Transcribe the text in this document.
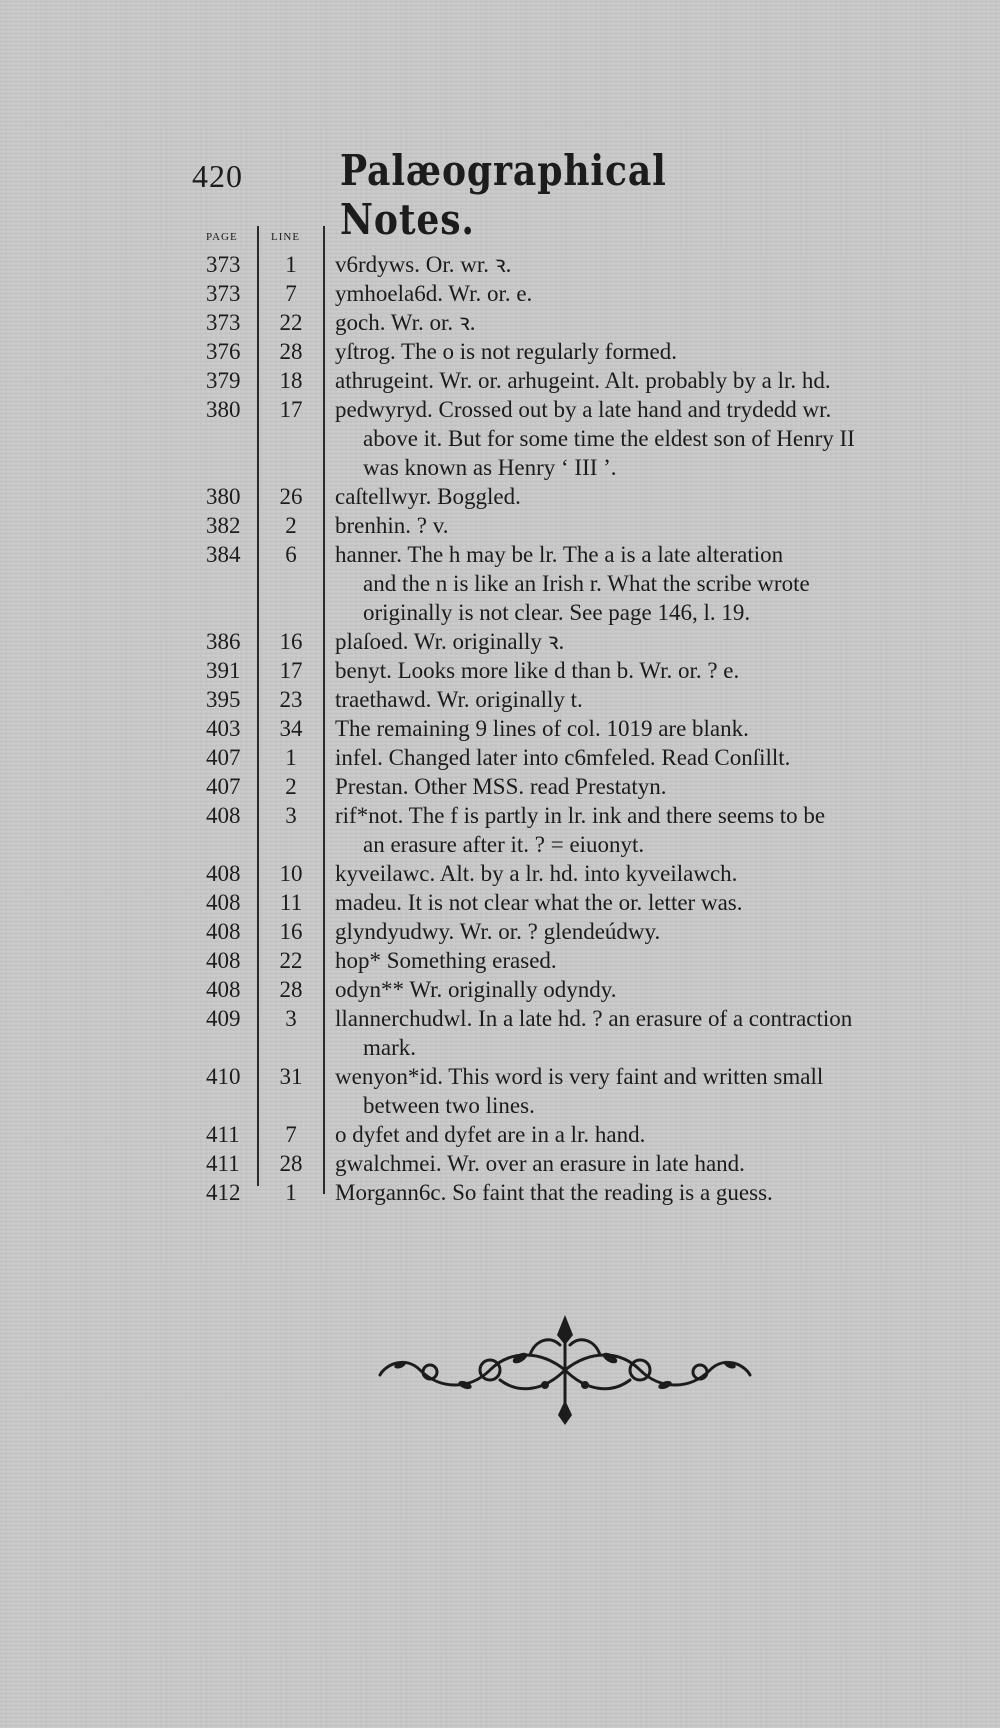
420 Palæographical Notes.
PAGE	LINE
373	1	v6rdyws. Or. wr. ꝛ.
373	7	ymhoela6d. Wr. or. e.
373	22	goch. Wr. or. ꝛ.
376	28	yſtrog. The o is not regularly formed.
379	18	athrugeint. Wr. or. arhugeint. Alt. probably by a lr. hd.
380	17	pedwyryd. Crossed out by a late hand and trydedd wr.
above it. But for some time the eldest son of Henry II
was known as Henry ‘ III ’.
380	26	caſtellwyr. Boggled.
382	2	brenhin. ? v.
384	6	hanner. The h may be lr. The a is a late alteration
and the n is like an Irish r. What the scribe wrote
originally is not clear. See page 146, l. 19.
386	16	plaſoed. Wr. originally ꝛ.
391	17	benyt. Looks more like d than b. Wr. or. ? e.
395	23	traethawd. Wr. originally t.
403	34	The remaining 9 lines of col. 1019 are blank.
407	1	infel. Changed later into c6mfeled. Read Conſillt.
407	2	Prestan. Other MSS. read Prestatyn.
408	3	rif*not. The f is partly in lr. ink and there seems to be
an erasure after it. ? = eiuonyt.
408	10	kyveilawc. Alt. by a lr. hd. into kyveilawch.
408	11	madeu. It is not clear what the or. letter was.
408	16	glyndyudwy. Wr. or. ? glendeúdwy.
408	22	hop* Something erased.
408	28	odyn** Wr. originally odyndy.
409	3	llannerchudwl. In a late hd. ? an erasure of a contraction
mark.
410	31	wenyon*id. This word is very faint and written small
between two lines.
411	7	o dyfet and dyfet are in a lr. hand.
411	28	gwalchmei. Wr. over an erasure in late hand.
412	1	Morgann6c. So faint that the reading is a guess.
